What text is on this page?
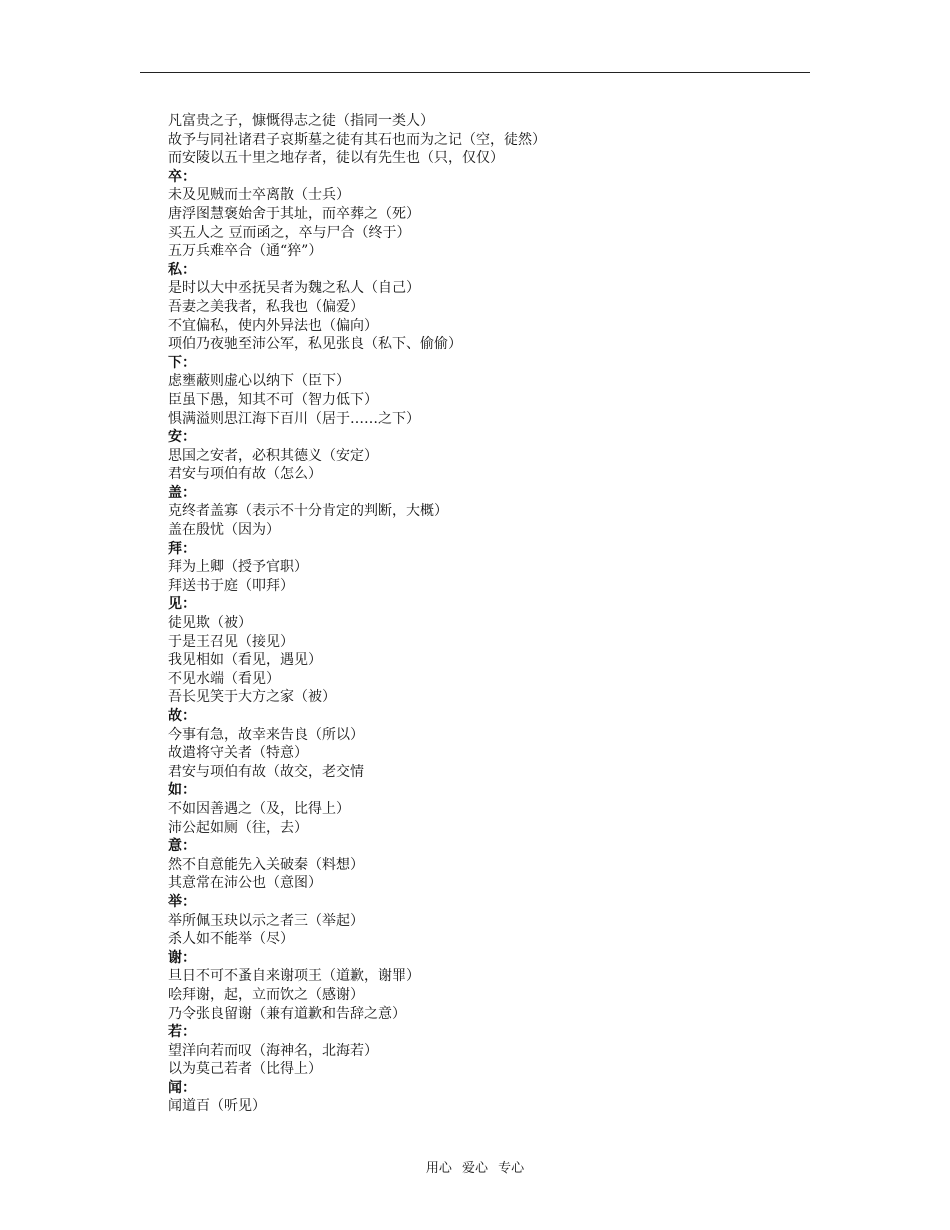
凡富贵之子，慷慨得志之徒（指同一类人）
故予与同社诸君子哀斯墓之徒有其石也而为之记（空，徒然）
而安陵以五十里之地存者，徒以有先生也（只，仅仅）
卒：
未及见贼而士卒离散（士兵）
唐浮图慧褒始舍于其址，而卒葬之（死）
买五人之 豆而函之，卒与尸合（终于）
五万兵难卒合（通“猝”）
私：
是时以大中丞抚吴者为魏之私人（自己）
吾妻之美我者，私我也（偏爱）
不宜偏私，使内外异法也（偏向）
项伯乃夜驰至沛公军，私见张良（私下、偷偷）
下：
虑壅蔽则虚心以纳下（臣下）
臣虽下愚，知其不可（智力低下）
惧满溢则思江海下百川（居于……之下）
安：
思国之安者，必积其德义（安定）
君安与项伯有故（怎么）
盖：
克终者盖寡（表示不十分肯定的判断，大概）
盖在殷忧（因为）
拜：
拜为上卿（授予官职）
拜送书于庭（叩拜）
见：
徒见欺（被）
于是王召见（接见）
我见相如（看见，遇见）
不见水端（看见）
吾长见笑于大方之家（被）
故：
今事有急，故幸来告良（所以）
故遣将守关者（特意）
君安与项伯有故（故交，老交情
如：
不如因善遇之（及，比得上）
沛公起如厕（往，去）
意：
然不自意能先入关破秦（料想）
其意常在沛公也（意图）
举：
举所佩玉玦以示之者三（举起）
杀人如不能举（尽）
谢：
旦日不可不蚤自来谢项王（道歉，谢罪）
哙拜谢，起，立而饮之（感谢）
乃令张良留谢（兼有道歉和告辞之意）
若：
望洋向若而叹（海神名，北海若）
以为莫己若者（比得上）
闻：
闻道百（听见）
用心 爱心 专心
